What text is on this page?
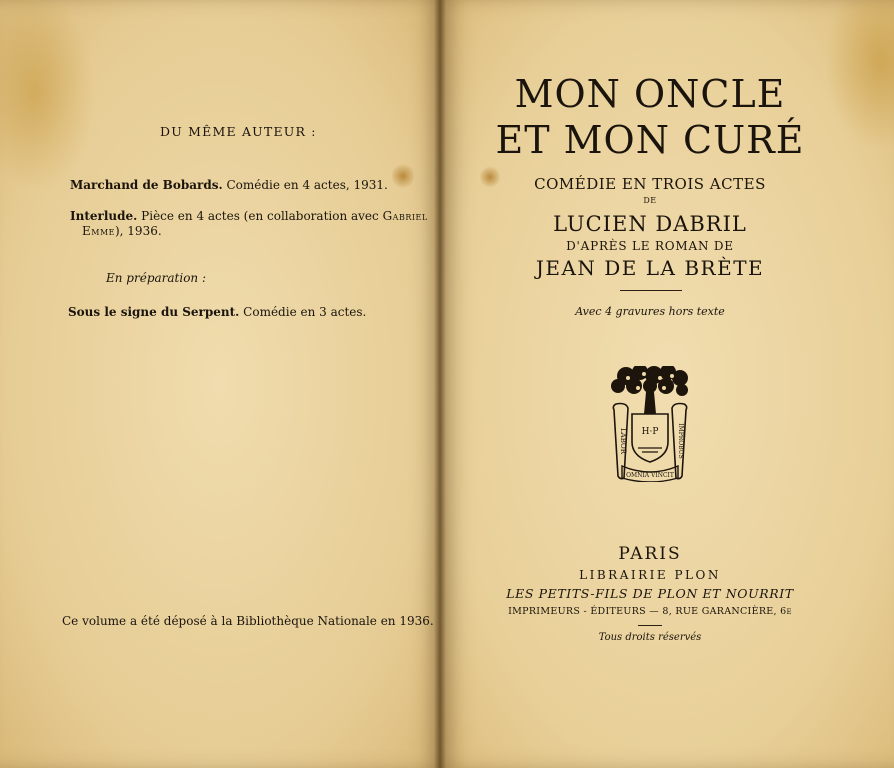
DU MÊME AUTEUR :
Marchand de Bobards. Comédie en 4 actes, 1931.
Interlude. Pièce en 4 actes (en collaboration avec Gabriel
Emme), 1936.
En préparation :
Sous le signe du Serpent. Comédie en 3 actes.
Ce volume a été déposé à la Bibliothèque Nationale en 1936.
MON ONCLE
ET MON CURÉ
COMÉDIE EN TROIS ACTES
DE
LUCIEN DABRIL
D'APRÈS LE ROMAN DE
JEAN DE LA BRÈTE
Avec 4 gravures hors texte
LABOR	IMPROBUS
H·P
OMNIA VINCIT
PARIS
LIBRAIRIE PLON
LES PETITS-FILS DE PLON ET NOURRIT
IMPRIMEURS - ÉDITEURS — 8, RUE GARANCIÈRE, 6e
Tous droits réservés
